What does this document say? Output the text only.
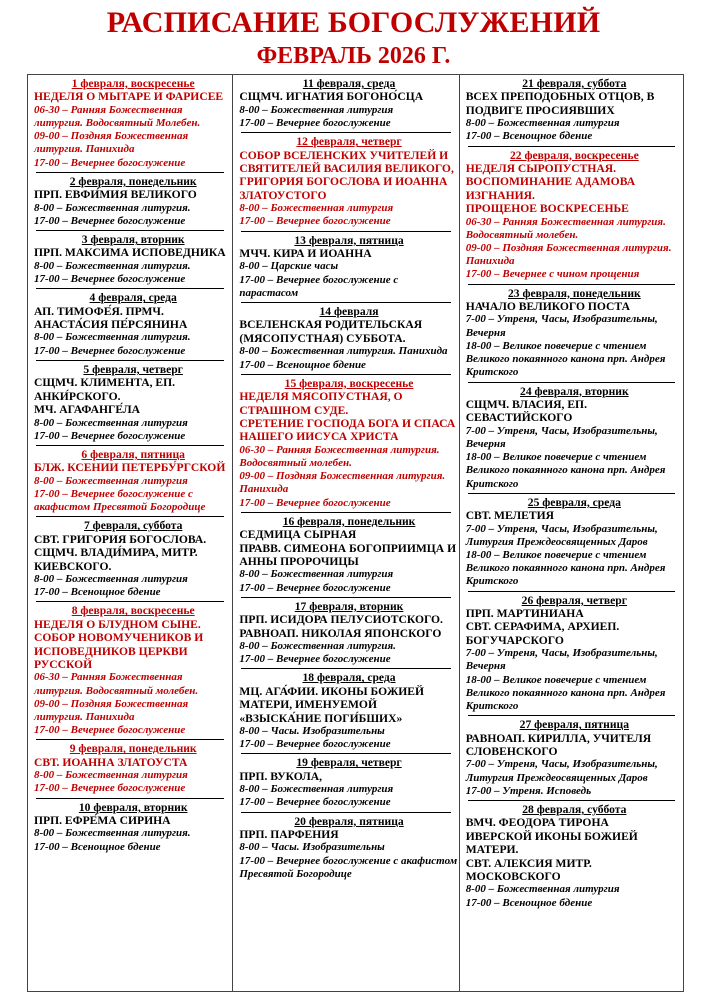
РАСПИСАНИЕ БОГОСЛУЖЕНИЙ
ФЕВРАЛЬ 2026 Г.
1 февраля, воскресенье
НЕДЕЛЯ О МЫТАРЕ И ФАРИСЕЕ
06-30 – Ранняя Божественная литургия. Водосвятный Молебен.
09-00 – Поздняя Божественная литургия. Панихида
17-00 – Вечернее богослужение
2 февраля, понедельник
ПРП. ЕВФИ́МИЯ ВЕЛИКОГО
8-00 – Божественная литургия.
17-00 – Вечернее богослужение
3 февраля, вторник
ПРП. МАКСИМА ИСПОВЕДНИКА
8-00 – Божественная литургия.
17-00 – Вечернее богослужение
4 февраля, среда
АП. ТИМОФЕ́Я. ПРМЧ. АНАСТА́СИЯ ПЕ́РСЯНИНА
8-00 – Божественная литургия.
17-00 – Вечернее богослужение
5 февраля, четверг
СЩМЧ. КЛИМЕНТА, ЕП. АНКИ́РСКОГО.
МЧ. АГАФАНГЕ́ЛА
8-00 – Божественная литургия
17-00 – Вечернее богослужение
6 февраля, пятница
БЛЖ. КСЕНИИ ПЕТЕРБУ́РГСКОЙ
8-00 – Божественная литургия
17-00 – Вечернее богослужение с акафистом Пресвятой Богородице
7 февраля, суббота
СВТ. ГРИГОРИЯ БОГОСЛОВА.
СЩМЧ. ВЛАДИ́МИРА, МИТР. КИЕВСКОГО.
8-00 – Божественная литургия
17-00 – Всенощное бдение
8 февраля, воскресенье
НЕДЕЛЯ О БЛУДНОМ СЫНЕ. СОБОР НОВОМУЧЕНИКОВ И ИСПОВЕДНИКОВ ЦЕРКВИ РУССКОЙ
06-30 – Ранняя Божественная литургия. Водосвятный молебен.
09-00 – Поздняя Божественная литургия. Панихида
17-00 – Вечернее богослужение
9 февраля, понедельник
СВТ. ИОАННА ЗЛАТОУСТА
8-00 – Божественная литургия
17-00 – Вечернее богослужение
10 февраля, вторник
ПРП. ЕФРЕ́МА СИРИНА
8-00 – Божественная литургия.
17-00 – Всенощное бдение
11 февраля, среда
СЩМЧ. ИГНАТИЯ БОГОНО́СЦА
8-00 – Божественная литургия
17-00 – Вечернее богослужение
12 февраля, четверг
СОБОР ВСЕЛЕНСКИХ УЧИТЕЛЕЙ И СВЯТИТЕЛЕЙ ВАСИЛИЯ ВЕЛИКОГО, ГРИГОРИЯ БОГОСЛОВА И ИОАННА ЗЛАТОУСТОГО
8-00 – Божественная литургия
17-00 – Вечернее богослужение
13 февраля, пятница
МЧЧ. КИРА И ИОАННА
8-00 – Царские часы
17-00 – Вечернее богослужение с парастасом
14 февраля
ВСЕЛЕНСКАЯ РОДИТЕЛЬСКАЯ (МЯСОПУСТНАЯ) СУББОТА.
8-00 – Божественная литургия. Панихида
17-00 – Всенощное бдение
15 февраля, воскресенье
НЕДЕЛЯ МЯСОПУСТНАЯ, О СТРАШНОМ СУДЕ.
СРЕТЕНИЕ ГОСПОДА БОГА И СПАСА НАШЕГО ИИСУСА ХРИСТА
06-30 – Ранняя Божественная литургия. Водосвятный молебен.
09-00 – Поздняя Божественная литургия. Панихида
17-00 – Вечернее богослужение
16 февраля, понедельник
СЕДМИЦА СЫРНАЯ
ПРАВВ. СИМЕОНА БОГОПРИИМЦА И АННЫ ПРОРОЧИЦЫ
8-00 – Божественная литургия
17-00 – Вечернее богослужение
17 февраля, вторник
ПРП. ИСИДОРА ПЕЛУСИОТСКОГО. РАВНОАП. НИКОЛАЯ ЯПОНСКОГО
8-00 – Божественная литургия.
17-00 – Вечернее богослужение
18 февраля, среда
МЦ. АГА́ФИИ. ИКОНЫ БОЖИЕЙ МАТЕРИ, ИМЕНУЕМОЙ «ВЗЫСКА́НИЕ ПОГИ́БШИХ»
8-00 – Часы. Изобразительны
17-00 – Вечернее богослужение
19 февраля, четверг
ПРП. ВУКОЛА,
8-00 – Божественная литургия
17-00 – Вечернее богослужение
20 февраля, пятница
ПРП. ПАРФЕНИЯ
8-00 – Часы. Изобразительны
17-00 – Вечернее богослужение с акафистом Пресвятой Богородице
21 февраля, суббота
ВСЕХ ПРЕПОДОБНЫХ ОТЦОВ, В ПОДВИГЕ ПРОСИЯВШИХ
8-00 – Божественная литургия
17-00 – Всенощное бдение
22 февраля, воскресенье
НЕДЕЛЯ СЫРОПУСТНАЯ. ВОСПОМИНАНИЕ АДАМОВА ИЗГНАНИЯ.
ПРОЩЕНОЕ ВОСКРЕСЕНЬЕ
06-30 – Ранняя Божественная литургия. Водосвятный молебен.
09-00 – Поздняя Божественная литургия. Панихида
17-00 – Вечернее с чином прощения
23 февраля, понедельник
НАЧАЛО ВЕЛИКОГО ПОСТА
7-00 – Утреня, Часы, Изобразительны, Вечерня
18-00 – Великое повечерие с чтением Великого покаянного канона прп. Андрея Критского
24 февраля, вторник
СЩМЧ. ВЛАСИЯ, ЕП. СЕВАСТИЙСКОГО
7-00 – Утреня, Часы, Изобразительны, Вечерня
18-00 – Великое повечерие с чтением Великого покаянного канона прп. Андрея Критского
25 февраля, среда
СВТ. МЕЛЕТИЯ
7-00 – Утреня, Часы, Изобразительны, Литургия Преждеосвященных Даров
18-00 – Великое повечерие с чтением Великого покаянного канона прп. Андрея Критского
26 февраля, четверг
ПРП. МАРТИНИАНА
СВТ. СЕРАФИМА, АРХИЕП. БОГУЧАРСКОГО
7-00 – Утреня, Часы, Изобразительны, Вечерня
18-00 – Великое повечерие с чтением Великого покаянного канона прп. Андрея Критского
27 февраля, пятница
РАВНОАП. КИРИЛЛА, УЧИТЕЛЯ СЛОВЕНСКОГО
7-00 – Утреня, Часы, Изобразительны, Литургия Преждеосвященных Даров
17-00 – Утреня. Исповедь
28 февраля, суббота
ВМЧ. ФЕОДОРА ТИРОНА
ИВЕРСКОЙ ИКОНЫ БОЖИЕЙ МАТЕРИ.
СВТ. АЛЕКСИЯ МИТР. МОСКОВСКОГО
8-00 – Божественная литургия
17-00 – Всенощное бдение
